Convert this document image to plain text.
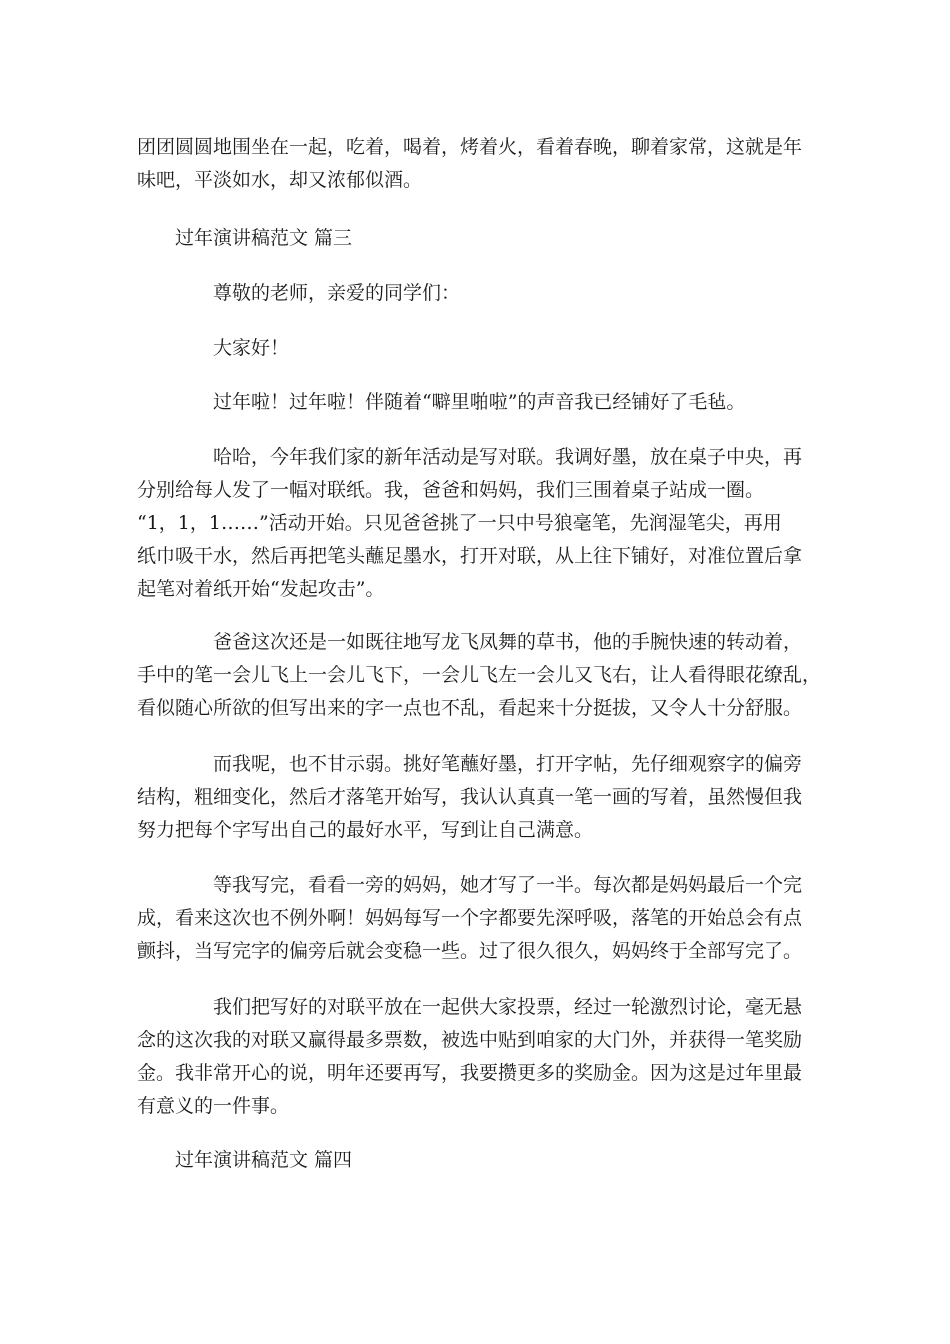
团团圆圆地围坐在一起，吃着，喝着，烤着火，看着春晚，聊着家常，这就是年
味吧，平淡如水，却又浓郁似酒。

过年演讲稿范文 篇三

尊敬的老师，亲爱的同学们：

大家好！

过年啦！过年啦！伴随着“噼里啪啦”的声音我已经铺好了毛毡。

哈哈，今年我们家的新年活动是写对联。我调好墨，放在桌子中央，再
分别给每人发了一幅对联纸。我，爸爸和妈妈，我们三围着桌子站成一圈。
“1，1，1……”活动开始。只见爸爸挑了一只中号狼毫笔，先润湿笔尖，再用
纸巾吸干水，然后再把笔头蘸足墨水，打开对联，从上往下铺好，对准位置后拿
起笔对着纸开始“发起攻击”。

爸爸这次还是一如既往地写龙飞凤舞的草书，他的手腕快速的转动着，
手中的笔一会儿飞上一会儿飞下，一会儿飞左一会儿又飞右，让人看得眼花缭乱，
看似随心所欲的但写出来的字一点也不乱，看起来十分挺拔，又令人十分舒服。

而我呢，也不甘示弱。挑好笔蘸好墨，打开字帖，先仔细观察字的偏旁
结构，粗细变化，然后才落笔开始写，我认认真真一笔一画的写着，虽然慢但我
努力把每个字写出自己的最好水平，写到让自己满意。

等我写完，看看一旁的妈妈，她才写了一半。每次都是妈妈最后一个完
成，看来这次也不例外啊！妈妈每写一个字都要先深呼吸，落笔的开始总会有点
颤抖，当写完字的偏旁后就会变稳一些。过了很久很久，妈妈终于全部写完了。

我们把写好的对联平放在一起供大家投票，经过一轮激烈讨论，毫无悬
念的这次我的对联又赢得最多票数，被选中贴到咱家的大门外，并获得一笔奖励
金。我非常开心的说，明年还要再写，我要攒更多的奖励金。因为这是过年里最
有意义的一件事。

过年演讲稿范文 篇四
